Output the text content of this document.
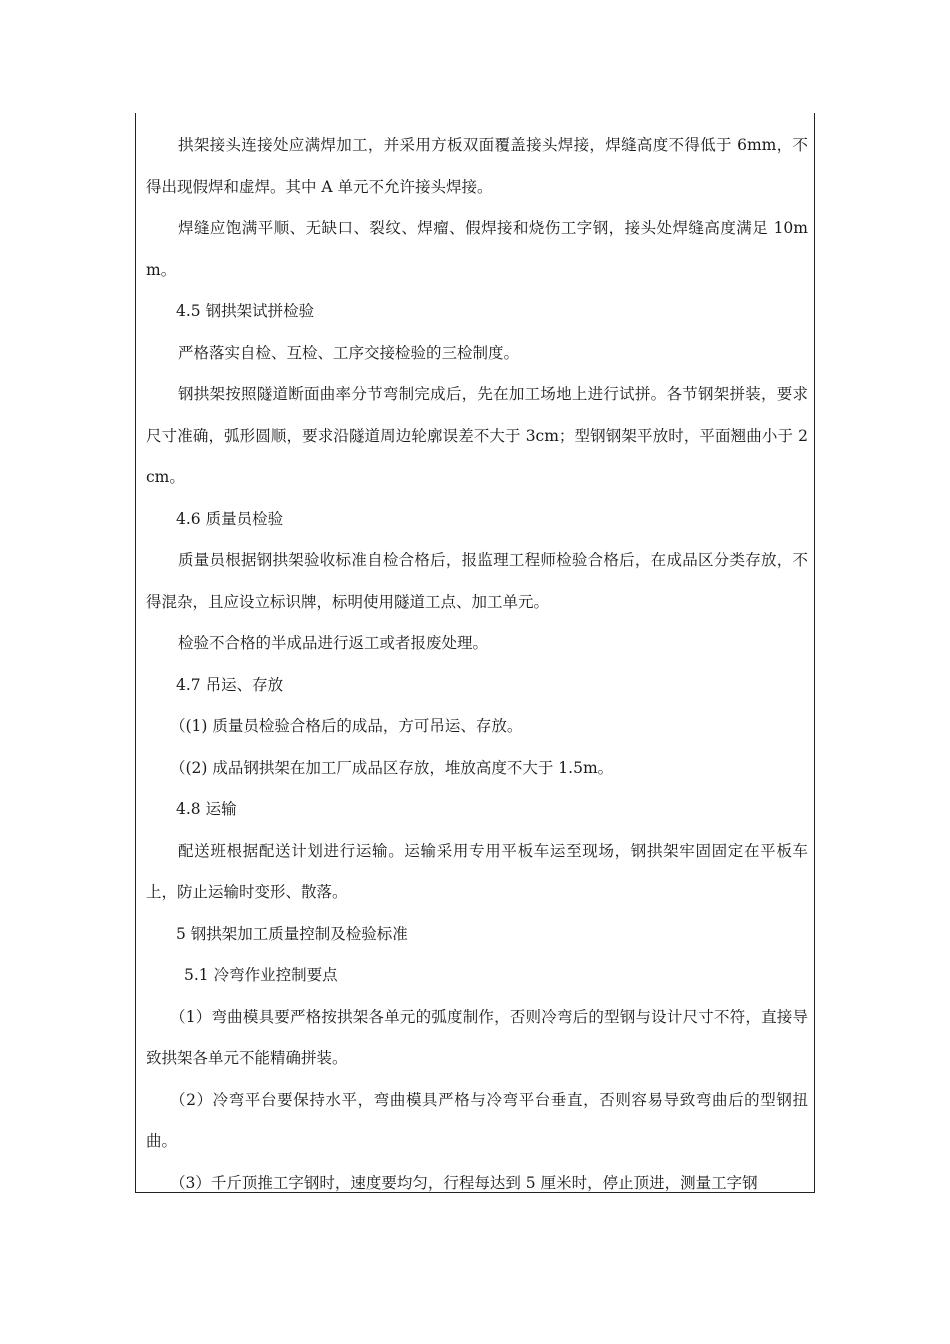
拱架接头连接处应满焊加工，并采用方板双面覆盖接头焊接，焊缝高度不得低于 6mm，不得出现假焊和虚焊。其中 A 单元不允许接头焊接。

焊缝应饱满平顺、无缺口、裂纹、焊瘤、假焊接和烧伤工字钢，接头处焊缝高度满足 10mm。

4.5 钢拱架试拼检验

严格落实自检、互检、工序交接检验的三检制度。

钢拱架按照隧道断面曲率分节弯制完成后，先在加工场地上进行试拼。各节钢架拼装，要求尺寸准确，弧形圆顺，要求沿隧道周边轮廓误差不大于 3cm；型钢钢架平放时，平面翘曲小于 2cm。

4.6 质量员检验

质量员根据钢拱架验收标准自检合格后，报监理工程师检验合格后，在成品区分类存放，不得混杂，且应设立标识牌，标明使用隧道工点、加工单元。

检验不合格的半成品进行返工或者报废处理。

4.7 吊运、存放

（(1) 质量员检验合格后的成品，方可吊运、存放。

（(2) 成品钢拱架在加工厂成品区存放，堆放高度不大于 1.5m。

4.8 运输

配送班根据配送计划进行运输。运输采用专用平板车运至现场，钢拱架牢固固定在平板车上，防止运输时变形、散落。

5 钢拱架加工质量控制及检验标准

5.1 冷弯作业控制要点

（1）弯曲模具要严格按拱架各单元的弧度制作，否则冷弯后的型钢与设计尺寸不符，直接导致拱架各单元不能精确拼装。

（2）冷弯平台要保持水平，弯曲模具严格与冷弯平台垂直，否则容易导致弯曲后的型钢扭曲。

（3）千斤顶推工字钢时，速度要均匀，行程每达到 5 厘米时，停止顶进，测量工字钢
